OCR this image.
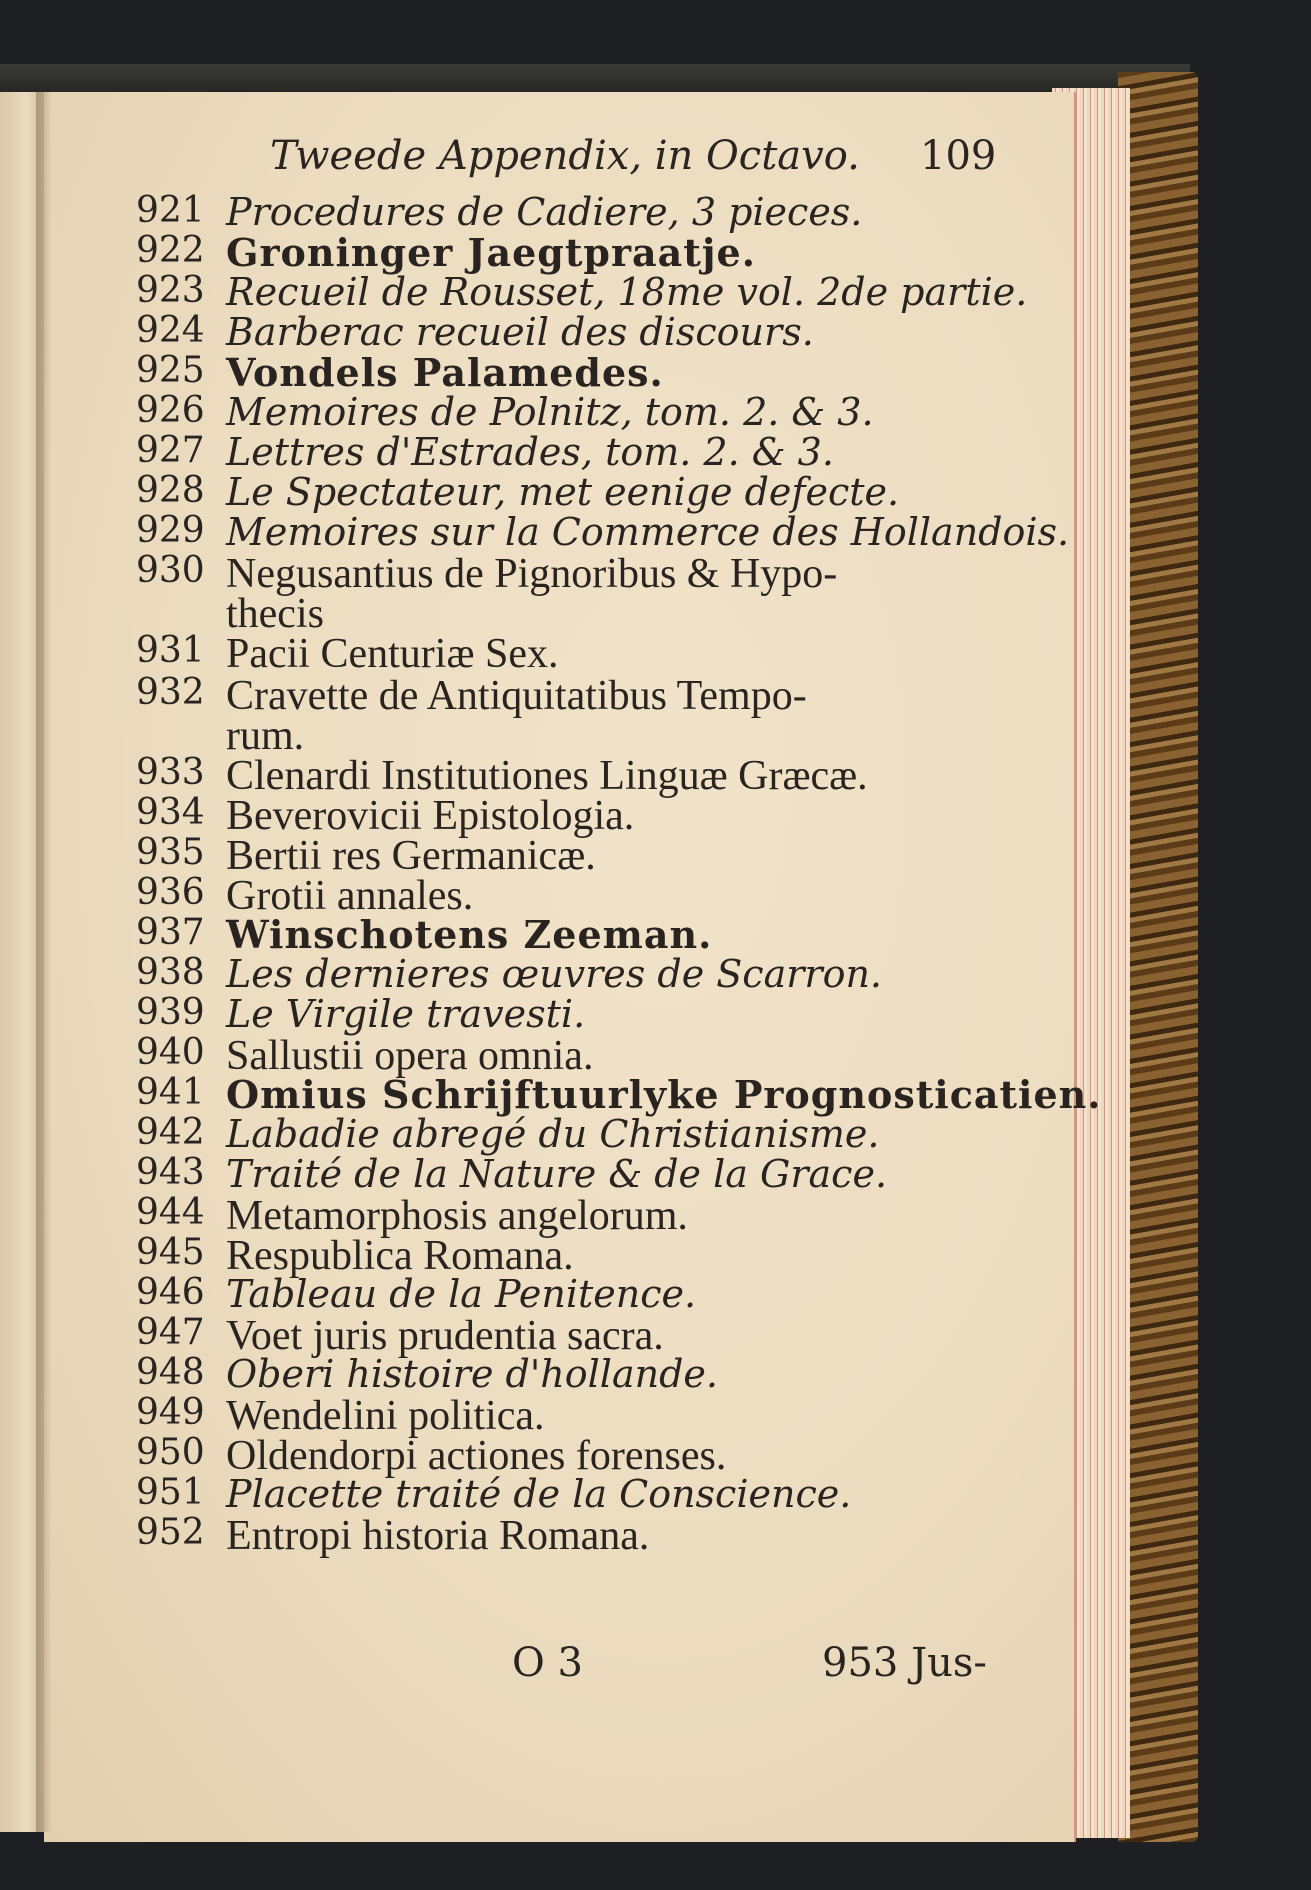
Tweede Appendix, in Octavo. 109
921 Procedures de Cadiere, 3 pieces.
922 Groninger Jaegtpraatje.
923 Recueil de Rousset, 18me vol. 2de partie.
924 Barberac recueil des discours.
925 Vondels Palamedes.
926 Memoires de Polnitz, tom. 2. & 3.
927 Lettres d'Estrades, tom. 2. & 3.
928 Le Spectateur, met eenige defecte.
929 Memoires sur la Commerce des Hollandois.
930 Negusantius de Pignoribus & Hypo-
thecis
931 Pacii Centuriæ Sex.
932 Cravette de Antiquitatibus Tempo-
rum.
933 Clenardi Institutiones Linguæ Græcæ.
934 Beverovicii Epistologia.
935 Bertii res Germanicæ.
936 Grotii annales.
937 Winschotens Zeeman.
938 Les dernieres œuvres de Scarron.
939 Le Virgile travesti.
940 Sallustii opera omnia.
941 Omius Schrijftuurlyke Prognosticatien.
942 Labadie abregé du Christianisme.
943 Traité de la Nature & de la Grace.
944 Metamorphosis angelorum.
945 Respublica Romana.
946 Tableau de la Penitence.
947 Voet juris prudentia sacra.
948 Oberi histoire d'hollande.
949 Wendelini politica.
950 Oldendorpi actiones forenses.
951 Placette traité de la Conscience.
952 Entropi historia Romana.
O 3	953 Jus-
